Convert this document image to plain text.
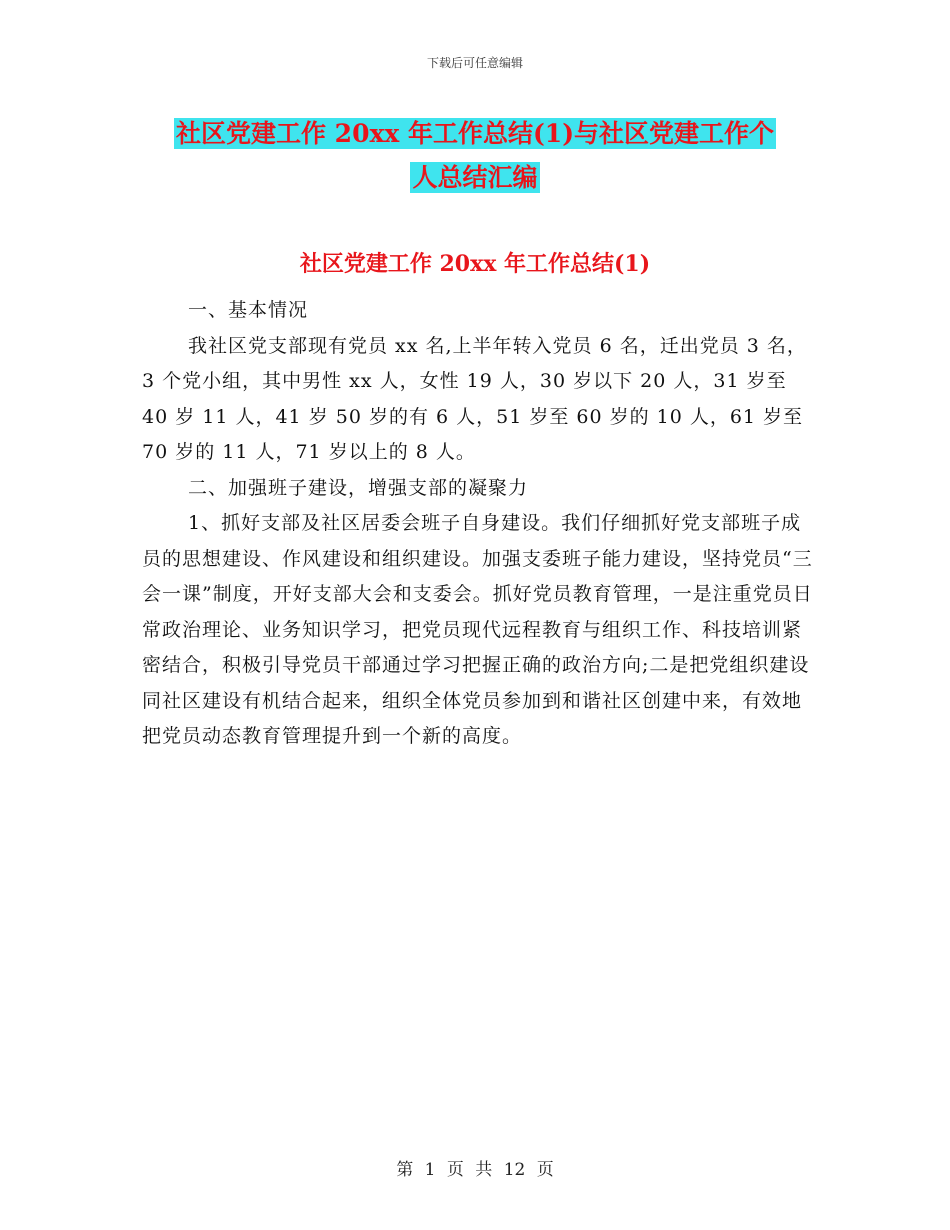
下载后可任意编辑
社区党建工作 20xx 年工作总结(1)与社区党建工作个
人总结汇编
社区党建工作 20xx 年工作总结(1)

一、基本情况

我社区党支部现有党员 xx 名,上半年转入党员 6 名，迁出党员 3 名，3 个党小组，其中男性 xx 人，女性 19 人，30 岁以下 20 人，31 岁至 40 岁 11 人，41 岁 50 岁的有 6 人，51 岁至 60 岁的 10 人，61 岁至 70 岁的 11 人，71 岁以上的 8 人。

二、加强班子建设，增强支部的凝聚力

1、抓好支部及社区居委会班子自身建设。我们仔细抓好党支部班子成员的思想建设、作风建设和组织建设。加强支委班子能力建设，坚持党员“三会一课”制度，开好支部大会和支委会。抓好党员教育管理，一是注重党员日常政治理论、业务知识学习，把党员现代远程教育与组织工作、科技培训紧密结合，积极引导党员干部通过学习把握正确的政治方向;二是把党组织建设同社区建设有机结合起来，组织全体党员参加到和谐社区创建中来，有效地把党员动态教育管理提升到一个新的高度。

第 1 页 共 12 页
